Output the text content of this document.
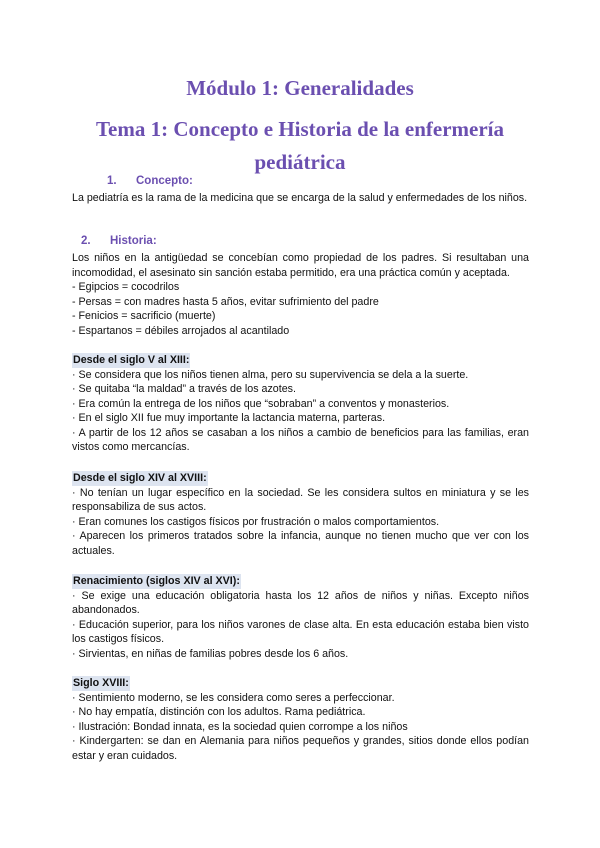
Módulo 1: Generalidades
Tema 1: Concepto e Historia de la enfermería pediátrica
1. Concepto:

La pediatría es la rama de la medicina que se encarga de la salud y enfermedades de los niños.

2. Historia:

Los niños en la antigüedad se concebían como propiedad de los padres. Si resultaban una incomodidad, el asesinato sin sanción estaba permitido, era una práctica común y aceptada.

- Egipcios = cocodrilos

- Persas = con madres hasta 5 años, evitar sufrimiento del padre

- Fenicios = sacrificio (muerte)

- Espartanos = débiles arrojados al acantilado

Desde el siglo V al XIII:

· Se considera que los niños tienen alma, pero su supervivencia se dela a la suerte.

· Se quitaba “la maldad” a través de los azotes.

· Era común la entrega de los niños que “sobraban” a conventos y monasterios.

· En el siglo XII fue muy importante la lactancia materna, parteras.

· A partir de los 12 años se casaban a los niños a cambio de beneficios para las familias, eran vistos como mercancías.

Desde el siglo XIV al XVIII:

· No tenían un lugar específico en la sociedad. Se les considera sultos en miniatura y se les responsabiliza de sus actos.

· Eran comunes los castigos físicos por frustración o malos comportamientos.

· Aparecen los primeros tratados sobre la infancia, aunque no tienen mucho que ver con los actuales.

Renacimiento (siglos XIV al XVI):

· Se exige una educación obligatoria hasta los 12 años de niños y niñas. Excepto niños abandonados.

· Educación superior, para los niños varones de clase alta. En esta educación estaba bien visto los castigos físicos.

· Sirvientas, en niñas de familias pobres desde los 6 años.

Siglo XVIII:

· Sentimiento moderno, se les considera como seres a perfeccionar.

· No hay empatía, distinción con los adultos. Rama pediátrica.

· Ilustración: Bondad innata, es la sociedad quien corrompe a los niños

· Kindergarten: se dan en Alemania para niños pequeños y grandes, sitios donde ellos podían estar y eran cuidados.
